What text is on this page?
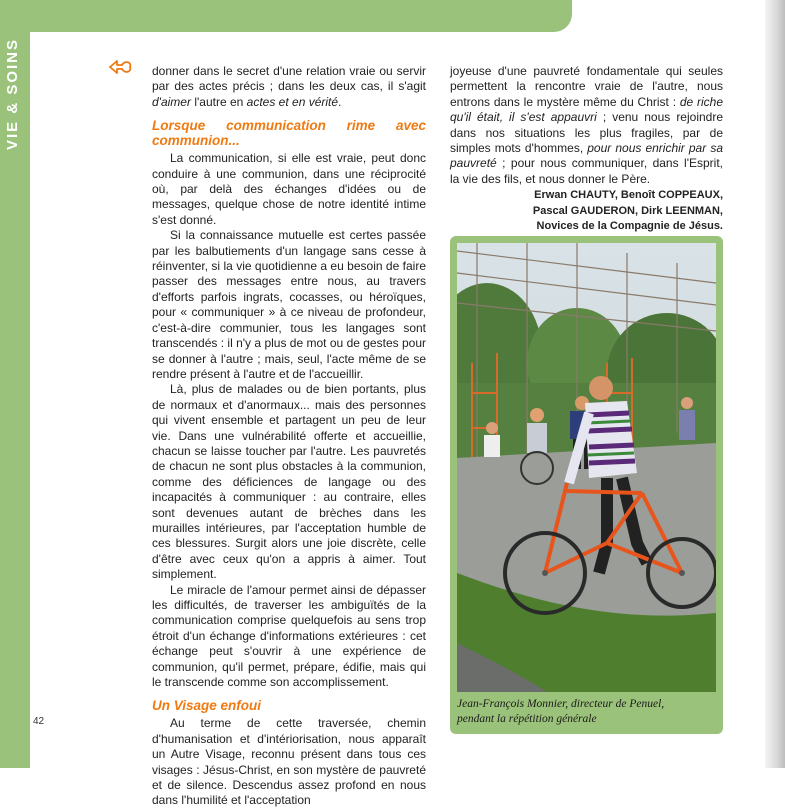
VIE & SOINS	donner dans le secret d'une relation vraie ou servir par des actes précis ; dans les deux cas, il s'agit d'aimer l'autre en actes et en vérité.

Lorsque communication rime avec communion...

La communication, si elle est vraie, peut donc conduire à une communion, dans une réciprocité où, par delà des échanges d'idées ou de messages, quelque chose de notre identité intime s'est donné.

Si la connaissance mutuelle est certes passée par les balbutiements d'un langage sans cesse à réinventer, si la vie quotidienne a eu besoin de faire passer des messages entre nous, au travers d'efforts parfois ingrats, cocasses, ou héroïques, pour « communiquer » à ce niveau de profondeur, c'est-à-dire communier, tous les langages sont transcendés : il n'y a plus de mot ou de gestes pour se donner à l'autre ; mais, seul, l'acte même de se rendre présent à l'autre et de l'accueillir.

Là, plus de malades ou de bien portants, plus de normaux et d'anormaux... mais des personnes qui vivent ensemble et partagent un peu de leur vie. Dans une vulnérabilité offerte et accueillie, chacun se laisse toucher par l'autre. Les pauvretés de chacun ne sont plus obstacles à la communion, comme des déficiences de langage ou des incapacités à communiquer : au contraire, elles sont devenues autant de brèches dans les murailles intérieures, par l'acceptation humble de ces blessures. Surgit alors une joie discrète, celle d'être avec ceux qu'on a appris à aimer. Tout simplement.

Le miracle de l'amour permet ainsi de dépasser les difficultés, de traverser les ambiguïtés de la communication comprise quelquefois au sens trop étroit d'un échange d'informations extérieures : cet échange peut s'ouvrir à une expérience de communion, qu'il permet, prépare, édifie, mais qui le transcende comme son accomplissement.

Un Visage enfoui

Au terme de cette traversée, chemin d'humanisation et d'intériorisation, nous apparaît un Autre Visage, reconnu présent dans tous ces visages : Jésus-Christ, en son mystère de pauvreté et de silence. Descendus assez profond en nous dans l'humilité et l'acceptation

joyeuse d'une pauvreté fondamentale qui seules permettent la rencontre vraie de l'autre, nous entrons dans le mystère même du Christ : de riche qu'il était, il s'est appauvri ; venu nous rejoindre dans nos situations les plus fragiles, par de simples mots d'hommes, pour nous enrichir par sa pauvreté ; pour nous communiquer, dans l'Esprit, la vie des fils, et nous donner le Père.

Erwan CHAUTY, Benoît COPPEAUX,
Pascal GAUDERON, Dirk LEENMAN,
Novices de la Compagnie de Jésus.
Jean-François Monnier, directeur de Penuel,
pendant la répétition générale
42
